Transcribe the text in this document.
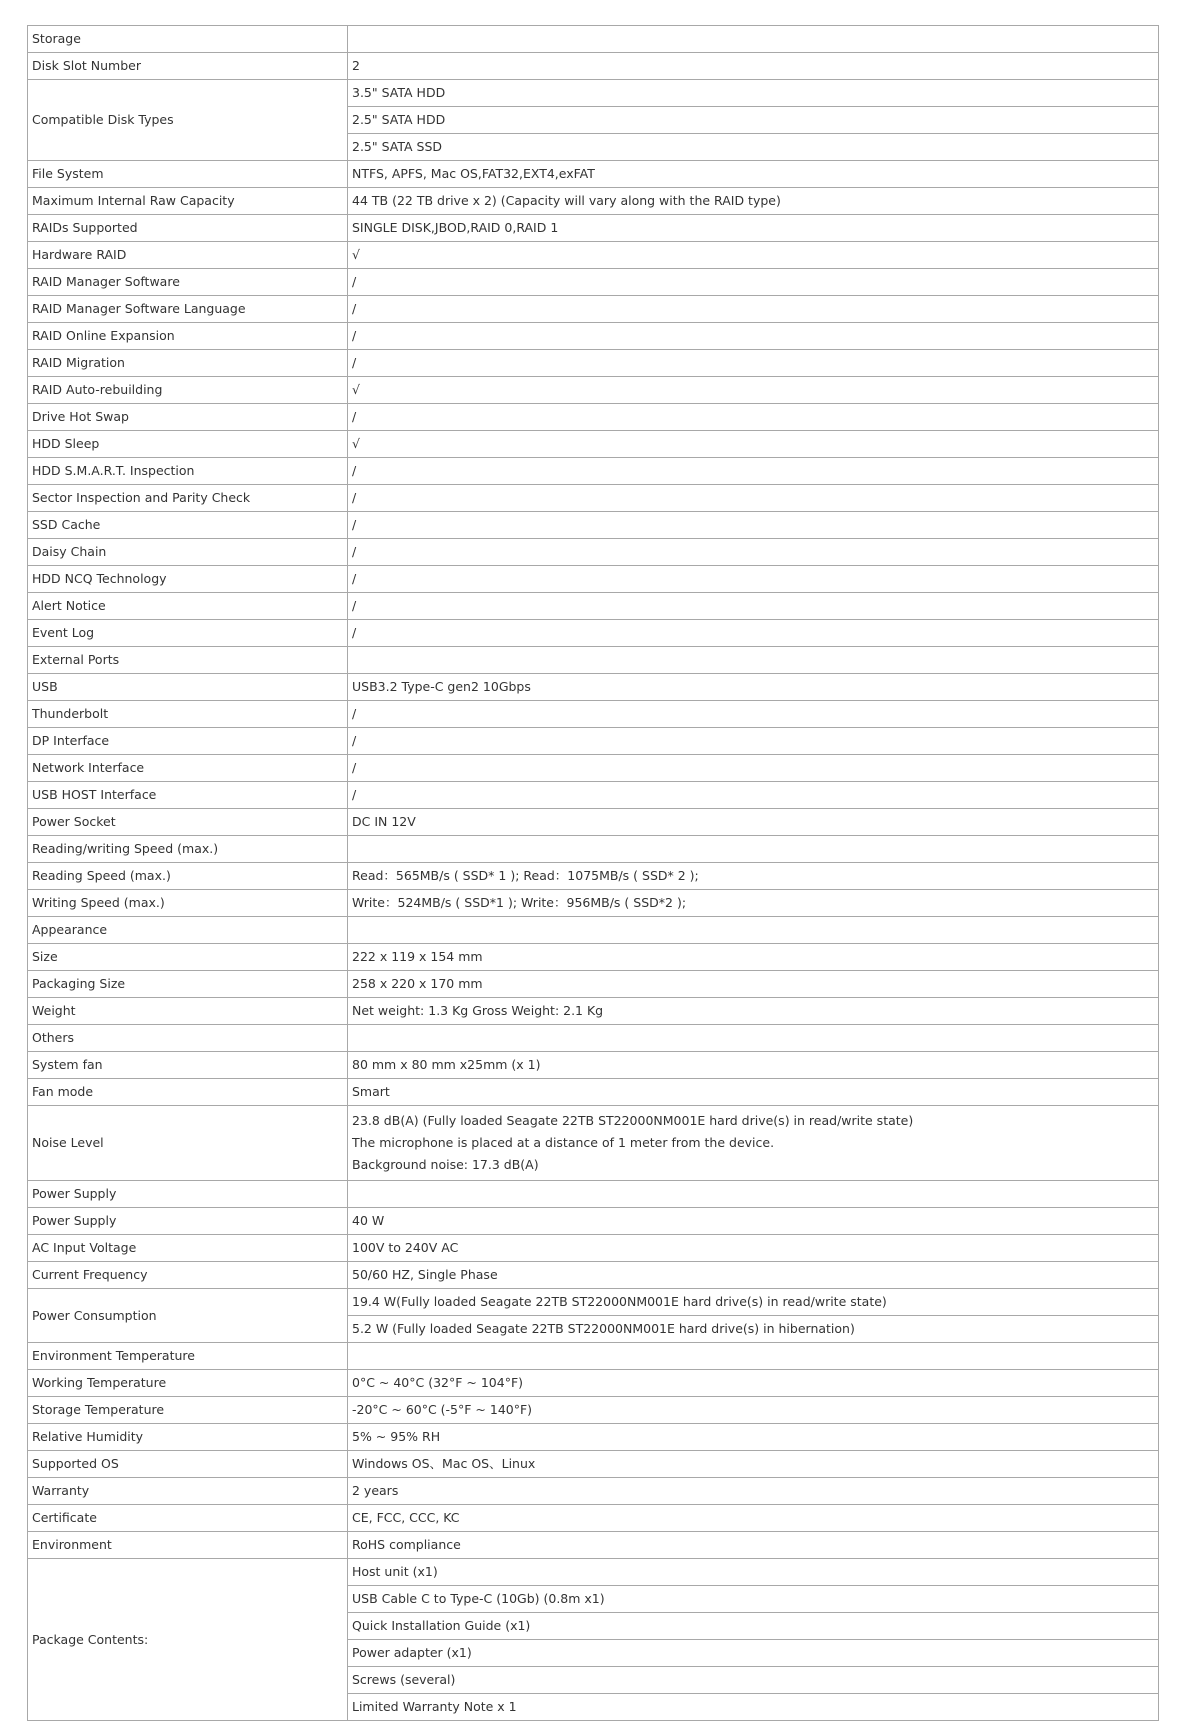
Storage	
Disk Slot Number	2
Compatible Disk Types	3.5" SATA HDD
	2.5" SATA HDD
	2.5" SATA SSD
File System	NTFS, APFS, Mac OS,FAT32,EXT4,exFAT
Maximum Internal Raw Capacity	44 TB (22 TB drive x 2) (Capacity will vary along with the RAID type)
RAIDs Supported	SINGLE DISK,JBOD,RAID 0,RAID 1
Hardware RAID	√
RAID Manager Software	/
RAID Manager Software Language	/
RAID Online Expansion	/
RAID Migration	/
RAID Auto-rebuilding	√
Drive Hot Swap	/
HDD Sleep	√
HDD S.M.A.R.T. Inspection	/
Sector Inspection and Parity Check	/
SSD Cache	/
Daisy Chain	/
HDD NCQ Technology	/
Alert Notice	/
Event Log	/
External Ports	
USB	USB3.2 Type-C gen2 10Gbps
Thunderbolt	/
DP Interface	/
Network Interface	/
USB HOST Interface	/
Power Socket	DC IN 12V
Reading/writing Speed (max.)	
Reading Speed (max.)	Read：565MB/s ( SSD* 1 ); Read：1075MB/s ( SSD* 2 );
Writing Speed (max.)	Write：524MB/s ( SSD*1 ); Write：956MB/s ( SSD*2 );
Appearance	
Size	222 x 119 x 154 mm
Packaging Size	258 x 220 x 170 mm
Weight	Net weight: 1.3 Kg Gross Weight: 2.1 Kg
Others	
System fan	80 mm x 80 mm x25mm (x 1)
Fan mode	Smart
Noise Level	23.8 dB(A) (Fully loaded Seagate 22TB ST22000NM001E hard drive(s) in read/write state)
The microphone is placed at a distance of 1 meter from the device.
Background noise: 17.3 dB(A)

Power Supply	
Power Supply	40 W
AC Input Voltage	100V to 240V AC
Current Frequency	50/60 HZ, Single Phase
Power Consumption	19.4 W(Fully loaded Seagate 22TB ST22000NM001E hard drive(s) in read/write state)
	5.2 W (Fully loaded Seagate 22TB ST22000NM001E hard drive(s) in hibernation)
Environment Temperature	
Working Temperature	0°C ~ 40°C (32°F ~ 104°F)
Storage Temperature	-20°C ~ 60°C (-5°F ~ 140°F)
Relative Humidity	5% ~ 95% RH
Supported OS	Windows OS、Mac OS、Linux
Warranty	2 years
Certificate	CE, FCC, CCC, KC
Environment	RoHS compliance
Package Contents:	Host unit (x1)
	USB Cable C to Type-C (10Gb) (0.8m x1)
	Quick Installation Guide (x1)
	Power adapter (x1)
	Screws (several)
	Limited Warranty Note x 1
